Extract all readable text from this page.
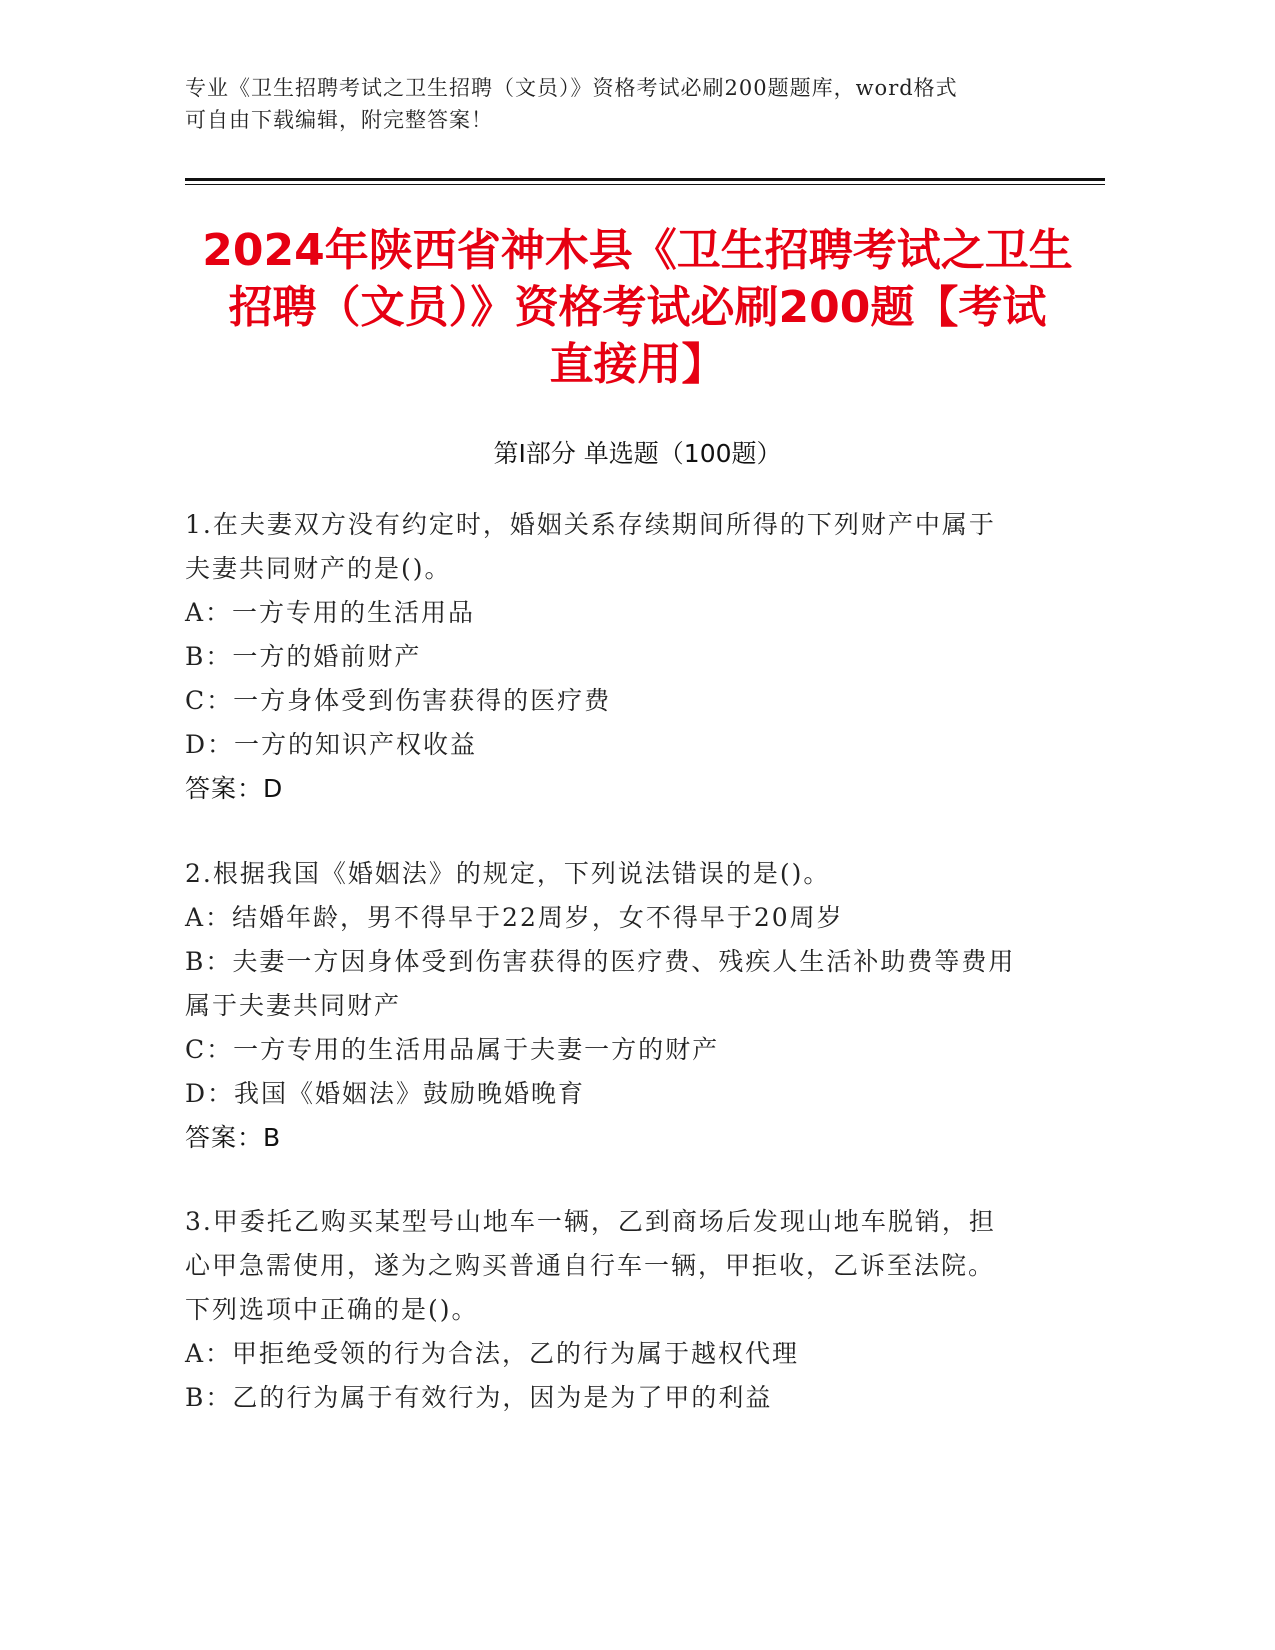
专业《卫生招聘考试之卫生招聘（文员）》资格考试必刷200题题库，word格式
可自由下载编辑，附完整答案！
2024年陕西省神木县《卫生招聘考试之卫生
招聘（文员）》资格考试必刷200题【考试
直接用】
第Ⅰ部分 单选题（100题）
1.在夫妻双方没有约定时，婚姻关系存续期间所得的下列财产中属于
夫妻共同财产的是()。
A：一方专用的生活用品
B：一方的婚前财产
C：一方身体受到伤害获得的医疗费
D：一方的知识产权收益
答案：D
2.根据我国《婚姻法》的规定，下列说法错误的是()。
A：结婚年龄，男不得早于22周岁，女不得早于20周岁
B：夫妻一方因身体受到伤害获得的医疗费、残疾人生活补助费等费用
属于夫妻共同财产
C：一方专用的生活用品属于夫妻一方的财产
D：我国《婚姻法》鼓励晚婚晚育
答案：B
3.甲委托乙购买某型号山地车一辆，乙到商场后发现山地车脱销，担
心甲急需使用，遂为之购买普通自行车一辆，甲拒收，乙诉至法院。
下列选项中正确的是()。
A：甲拒绝受领的行为合法，乙的行为属于越权代理
B：乙的行为属于有效行为，因为是为了甲的利益
